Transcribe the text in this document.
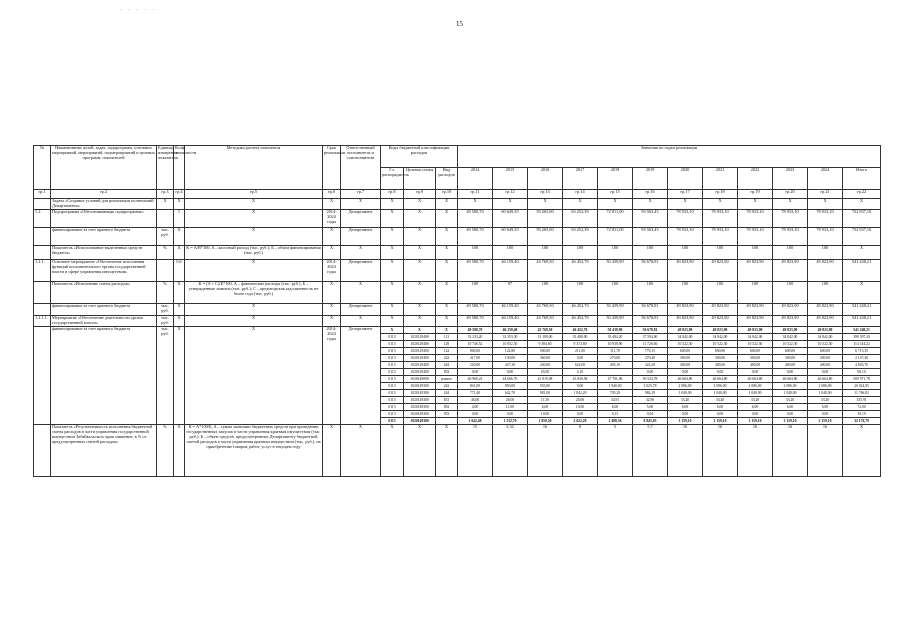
· · · · ·
15
№	Наименование целей, задач, подпрограмм, основных мероприятий, мероприятий, подмероприятий и целевых программ, показателей	Единица измерения показателя	Коэф. значимости	Методика расчета показателя	Срок реализации	Ответственный исполнитель и соисполнители	Коды бюджетной классификации расходов			Значения по годам реализации											
							Гл. распорядитель	Целевая статья	Вид расходов	2014	2015	2016	2017	2018	2019	2020	2021	2022	2023	2024	Итого
гр.1	гр.2	гр.3	гр.4	гр.5	гр.6	гр.7	гр.8	гр.9	гр.10	гр.11	гр.12	гр.13	гр.14	гр.15	гр.16	гр.17	гр.18	гр.19	гр.20	гр.21	гр.22
	Задача «Создание условий для реализации полномочий Департамента»	X	X	X	X	X	X	X	X	X	X	X	X	X	X	X	X	X	X	X	X
1.2.	Подпрограмма «Обеспечивающая подпрограмма»		1	X	2014-2024 годы	Департамент	X	X	X	49 580,70	60 649,35	59 265,00	63 252,39	72 811,00	93 563,45	78 933,10	78 933,10	78 933,10	78 933,10	78 933,10	752 937,10
	финансирование за счет краевого бюджета	тыс. руб.	X	X	X	Департамент	X	X	X	49 580,70	60 649,35	59 265,00	63 252,39	72 811,00	93 563,45	78 933,10	78 933,10	78 933,10	78 933,10	78 933,10	752 937,10
	Показатель «Использование выделенных средств бюджета»	%	X	K = A/B*100, A – кассовый расход (тыс. руб.); Б – объем финансирования (тыс. руб.)	X	X	X	X	X	100	100	100	100	100	100	100	100	100	100	100	X
1.2.1.	Основное мероприятие «Обеспечение исполнения функций исполнительного органа государственной власти в сфере управления имуществом»		0,6	X	2014-2024 годы	Департамент	X	X	X	49 580,70	46 159,40	43 769,50	46 452,70	50 439,90	56 678,81	49 823,90	49 823,90	49 823,90	49 823,90	49 823,90	541 248,21
	Показатель «Исполнение сметы расходов»	%	X	K = (A + C)/Б*100, A – фактические расходы (тыс. руб.); Б – утвержденные лимиты (тыс. руб.); C – кредиторская задолженность не более года (тыс. руб.)	X	X	X	X	X	100	97	100	100	100	100	100	100	100	100	100	X
	финансирование за счет краевого бюджета	тыс. руб.	X	X	X	Департамент	X	X	X	49 580,70	46 159,40	43 769,50	46 452,70	50 439,90	56 678,81	49 823,90	49 823,90	49 823,90	49 823,90	49 823,90	541 248,21
1.2.1.1.	Мероприятие «Обеспечение деятельности органа государственной власти»	тыс. руб.	X	X	X	X	X	X	X	49 580,70	46 159,40	43 769,50	46 452,70	50 439,90	56 678,81	49 823,90	49 823,90	49 823,90	49 823,90	49 823,90	541 248,21
	финансирование за счет краевого бюджета	тыс. руб.	X	X	2014-2024 годы	Департамент	X	X	X	49 580,70	46 159,40	43 769,50	46 452,70	50 439,90	56 678,81	49 823,90	49 823,90	49 823,90	49 823,90	49 823,90	541 248,21
							0113	1020129400	121	33 233,20	33 353,30	31 109,00	33 480,00	35 484,20	37 594,00	34 842,00	34 842,00	34 842,00	34 842,00	34 842,00	398 397,20
							0113	1020129400	129	10 746,52	10 052,50	9 384,60	9 373,60	10 939,90	11 726,66	10 522,30	10 522,30	10 522,30	10 522,30	10 522,30	114 144,22
							0113	1020129400	122	800,00	122,80	500,00	211,00	111,70	770,15	600,00	600,00	600,00	600,00	600,00	6 715,35
							0113	1020129400	242	417,00	130,00	360,00	0,00	270,00	270,40	300,00	300,00	300,00	300,00	300,00	2 147,40
							0113	1020129400	244	220,00	427,30	240,00	622,00	405,10	422,20	400,00	400,00	400,00	400,00	400,00	4 603,70
							0113	1020129400	853	0,00	0,00	65,00	4,10		0,00	0,00	0,00	0,00	0,00	0,00	69,10
							0113	1020149000	разное	46 968,23	44 666,70	41 919,08	43 830,58	47 701,06	50 523,78	46 664,80	46 664,80	46 664,80	46 664,80	46 664,80	509 971,78
							0113	1020149300	242	841,00	850,00	933,00	0,00	1 940,00	3 025,78	2 086,00	2 086,00	2 086,00	2 086,00	2 086,00	20 024,85
							0113	1020149300	244	771,40	642,70	981,00	1 842,20	705,29	984,19	1 040,00	1 040,00	1 040,00	1 040,00	1 040,00	11 766,82
							0113	1020149300	831	46,00	26,00	11,50	20,00	34,91	32,96	33,20	33,20	33,20	33,20	33,20	355,91
							0113	1020149300	852	4,00	11,00	6,00	10,00	6,00	5,00	6,00	6,00	6,00	6,00	6,00	72,00
							0113	1020149300	853	0,00	0,00	10,00	0,00	0,15	0,04	0,00	0,00	0,00	0,00	0,00	10,19
							0113	1020149300		1 642,48	1 532,70	1 850,50	2 622,20	2 488,36	6 845,05	3 159,10	3 159,10	3 159,10	3 159,10	3 159,10	32 176,79
	Показатель «Результативность исполнения бюджетной сметы расходов в части управления государственной имуществом Забайкальского края снижение, в % от предусмотренных сметой расходов»	%	X	K = A*100/Б, A – сумма экономии бюджетных средств при проведении государственных закупок в части управления краевым имуществом (тыс. руб.); Б – объем средств, предусмотренных Департаменту бюджетной сметой расходов в части управления краевым имуществом (тыс. руб.), на приобретение товаров, работ, услуг в текущем году	X	X	X	X	X	15	3,32	16	0	5	5,7	16	16	16	16	16	X
